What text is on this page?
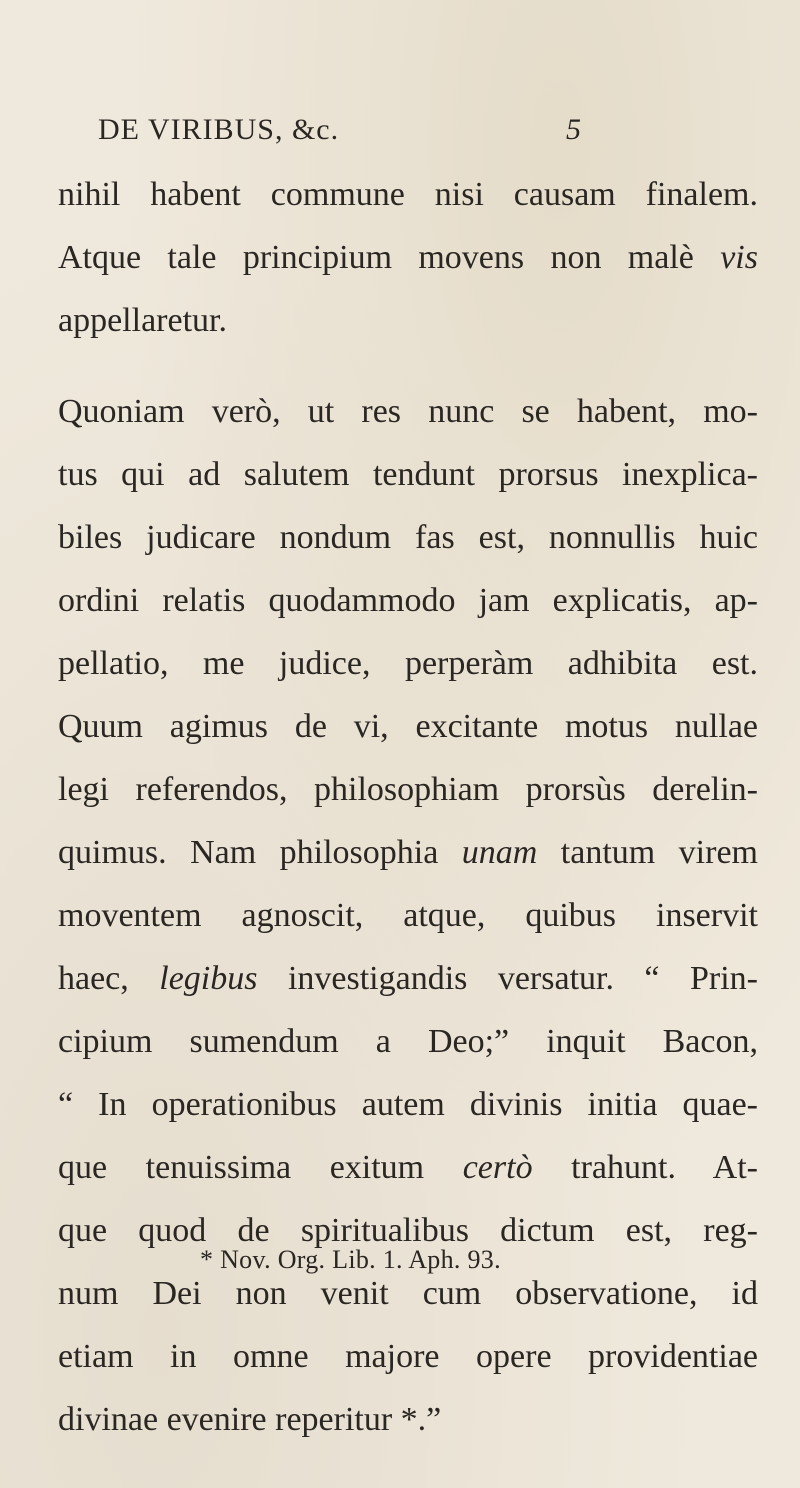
DE VIRIBUS, &c.	5
nihil habent commune nisi causam finalem.
Atque tale principium movens non malè vis
appellaretur.
Quoniam verò, ut res nunc se habent, mo-
tus qui ad salutem tendunt prorsus inexplica-
biles judicare nondum fas est, nonnullis huic
ordini relatis quodammodo jam explicatis, ap-
pellatio, me judice, perperàm adhibita est.
Quum agimus de vi, excitante motus nullae
legi referendos, philosophiam prorsùs derelin-
quimus. Nam philosophia unam tantum virem
moventem agnoscit, atque, quibus inservit
haec, legibus investigandis versatur. “ Prin-
cipium sumendum a Deo;” inquit Bacon,
“ In operationibus autem divinis initia quae-
que tenuissima exitum certò trahunt. At-
que quod de spiritualibus dictum est, reg-
num Dei non venit cum observatione, id
etiam in omne majore opere providentiae
divinae evenire reperitur *.”
* Nov. Org. Lib. 1. Aph. 93.
